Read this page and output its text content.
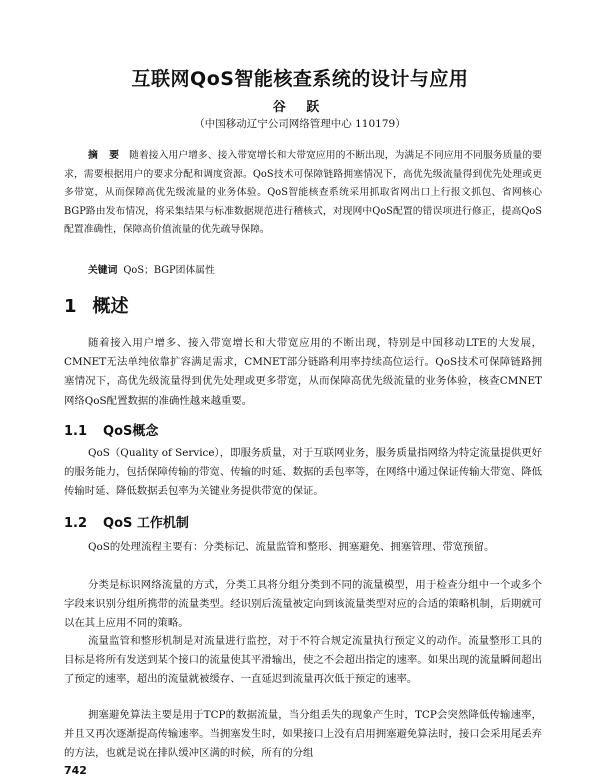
互联网QoS智能核查系统的设计与应用
谷 跃
（中国移动辽宁公司网络管理中心 110179）
摘 要 随着接入用户增多、接入带宽增长和大带宽应用的不断出现，为满足不同应用不同服务质量的要求，需要根据用户的要求分配和调度资源。QoS技术可保障链路拥塞情况下，高优先级流量得到优先处理或更多带宽，从而保障高优先级流量的业务体验。QoS智能核查系统采用抓取省网出口上行报文抓包、省网核心BGP路由发布情况，将采集结果与标准数据规范进行稽核式，对现网中QoS配置的错误项进行修正，提高QoS配置准确性，保障高价值流量的优先疏导保障。
关键词 QoS；BGP团体属性
1 概述
随着接入用户增多、接入带宽增长和大带宽应用的不断出现，特别是中国移动LTE的大发展，CMNET无法单纯依靠扩容满足需求，CMNET部分链路利用率持续高位运行。QoS技术可保障链路拥塞情况下，高优先级流量得到优先处理或更多带宽，从而保障高优先级流量的业务体验，核查CMNET网络QoS配置数据的准确性越来越重要。
1.1 QoS概念
QoS（Quality of Service），即服务质量，对于互联网业务，服务质量指网络为特定流量提供更好的服务能力，包括保障传输的带宽、传输的时延、数据的丢包率等，在网络中通过保证传输大带宽、降低传输时延、降低数据丢包率为关键业务提供带宽的保证。
1.2 QoS 工作机制
QoS的处理流程主要有：分类标记、流量监管和整形、拥塞避免、拥塞管理、带宽预留。
分类是标识网络流量的方式，分类工具将分组分类到不同的流量模型，用于检查分组中一个或多个字段来识别分组所携带的流量类型。经识别后流量被定向到该流量类型对应的合适的策略机制，后期就可以在其上应用不同的策略。
流量监管和整形机制是对流量进行监控，对于不符合规定流量执行预定义的动作。流量整形工具的目标是将所有发送到某个接口的流量使其平滑输出，使之不会超出指定的速率。如果出现的流量瞬间超出了预定的速率，超出的流量就被缓存、一直延迟到流量再次低于预定的速率。
拥塞避免算法主要是用于TCP的数据流量，当分组丢失的现象产生时，TCP会突然降低传输速率，并且又再次逐渐提高传输速率。当拥塞发生时，如果接口上没有启用拥塞避免算法时，接口会采用尾丢弃的方法，也就是说在排队缓冲区满的时候，所有的分组
742
